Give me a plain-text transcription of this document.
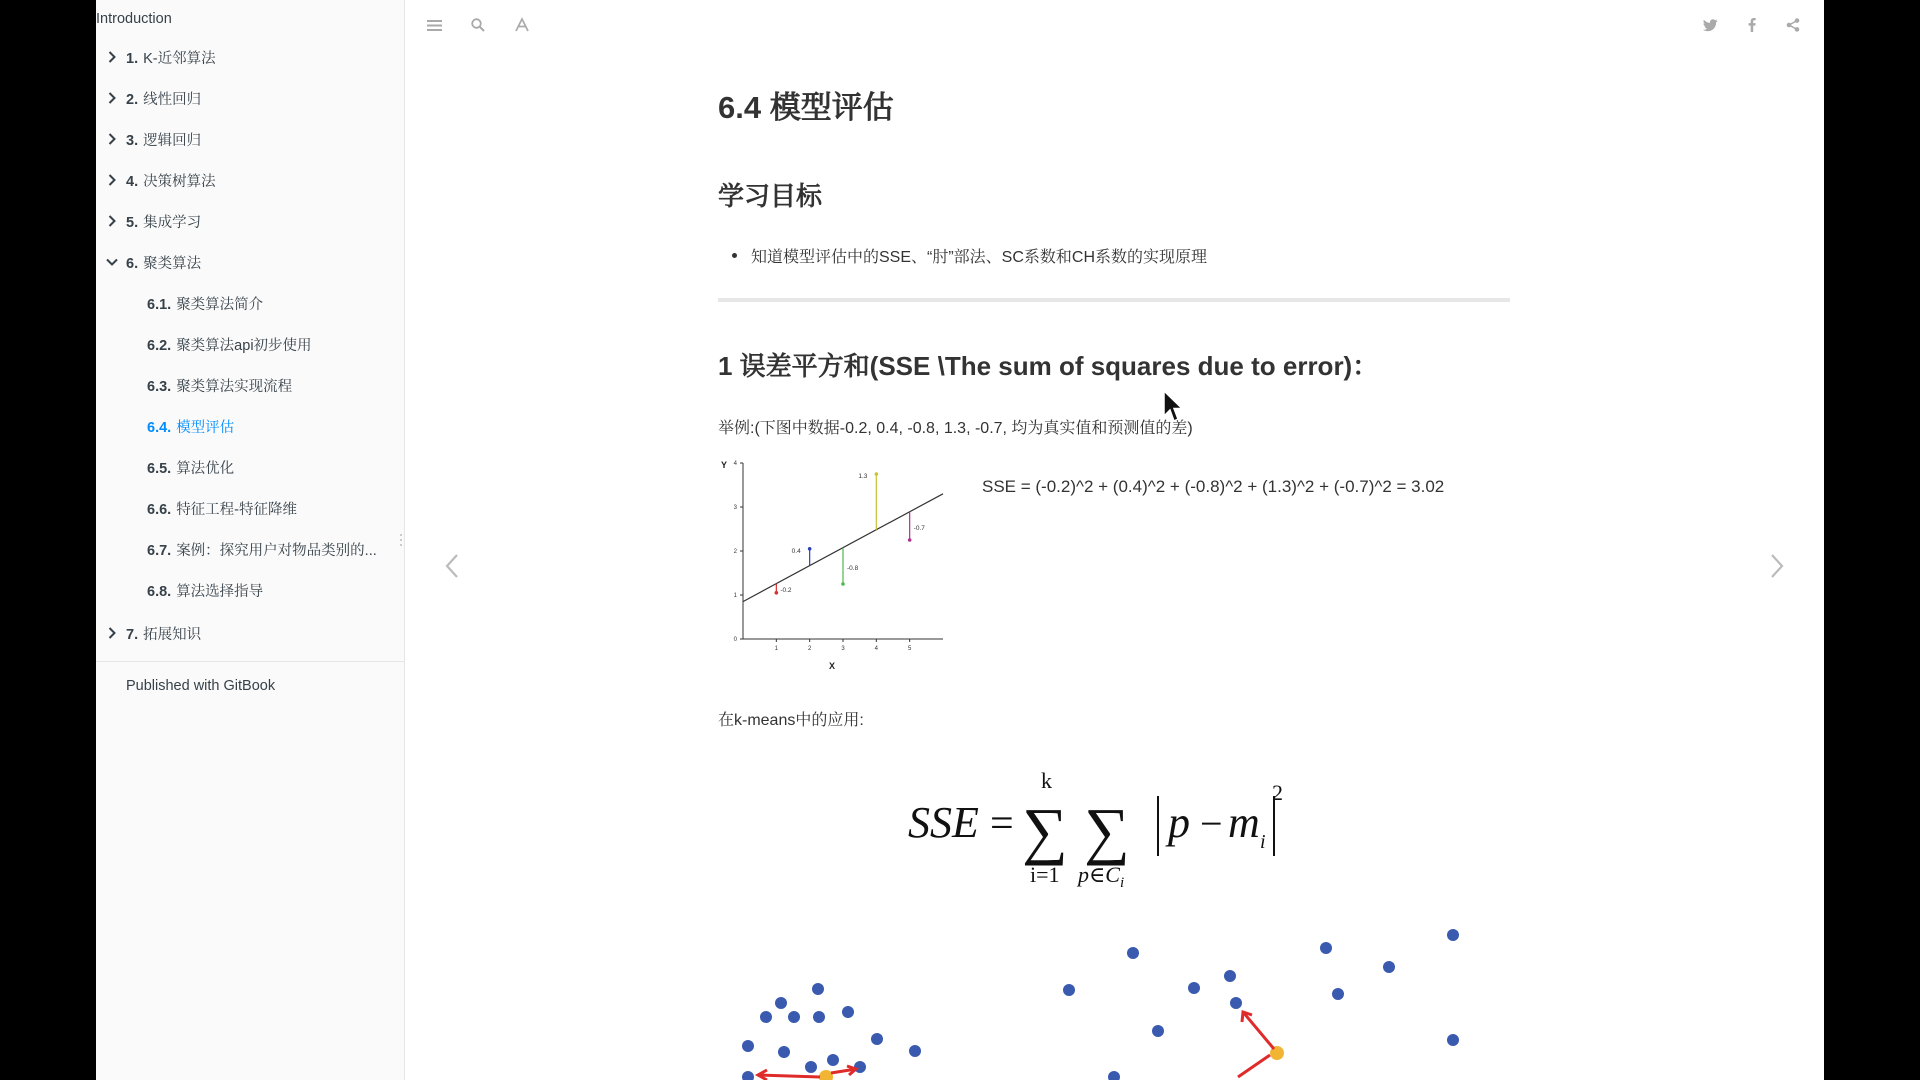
Introduction
1. K-近邻算法
2. 线性回归
3. 逻辑回归
4. 决策树算法
5. 集成学习
6. 聚类算法
6.1. 聚类算法简介
6.2. 聚类算法api初步使用
6.3. 聚类算法实现流程
6.4. 模型评估
6.5. 算法优化
6.6. 特征工程-特征降维
6.7. 案例：探究用户对物品类别的...
6.8. 算法选择指导
7. 拓展知识
Published with GitBook
6.4 模型评估
学习目标
知道模型评估中的SSE、“肘”部法、SC系数和CH系数的实现原理
1 误差平方和(SSE \The sum of squares due to error)：
举例:(下图中数据-0.2, 0.4, -0.8, 1.3, -0.7, 均为真实值和预测值的差)
1	2	3	4	5
0
1
2
3
4
X
Y
-0.2
0.4
-0.8
1.3
-0.7
SSE = (-0.2)^2 + (0.4)^2 + (-0.8)^2 + (1.3)^2 + (-0.7)^2 = 3.02
在k-means中的应用:
SSE = ∑
k
i=1
∑
$p\in C_i$
p − m i
2
